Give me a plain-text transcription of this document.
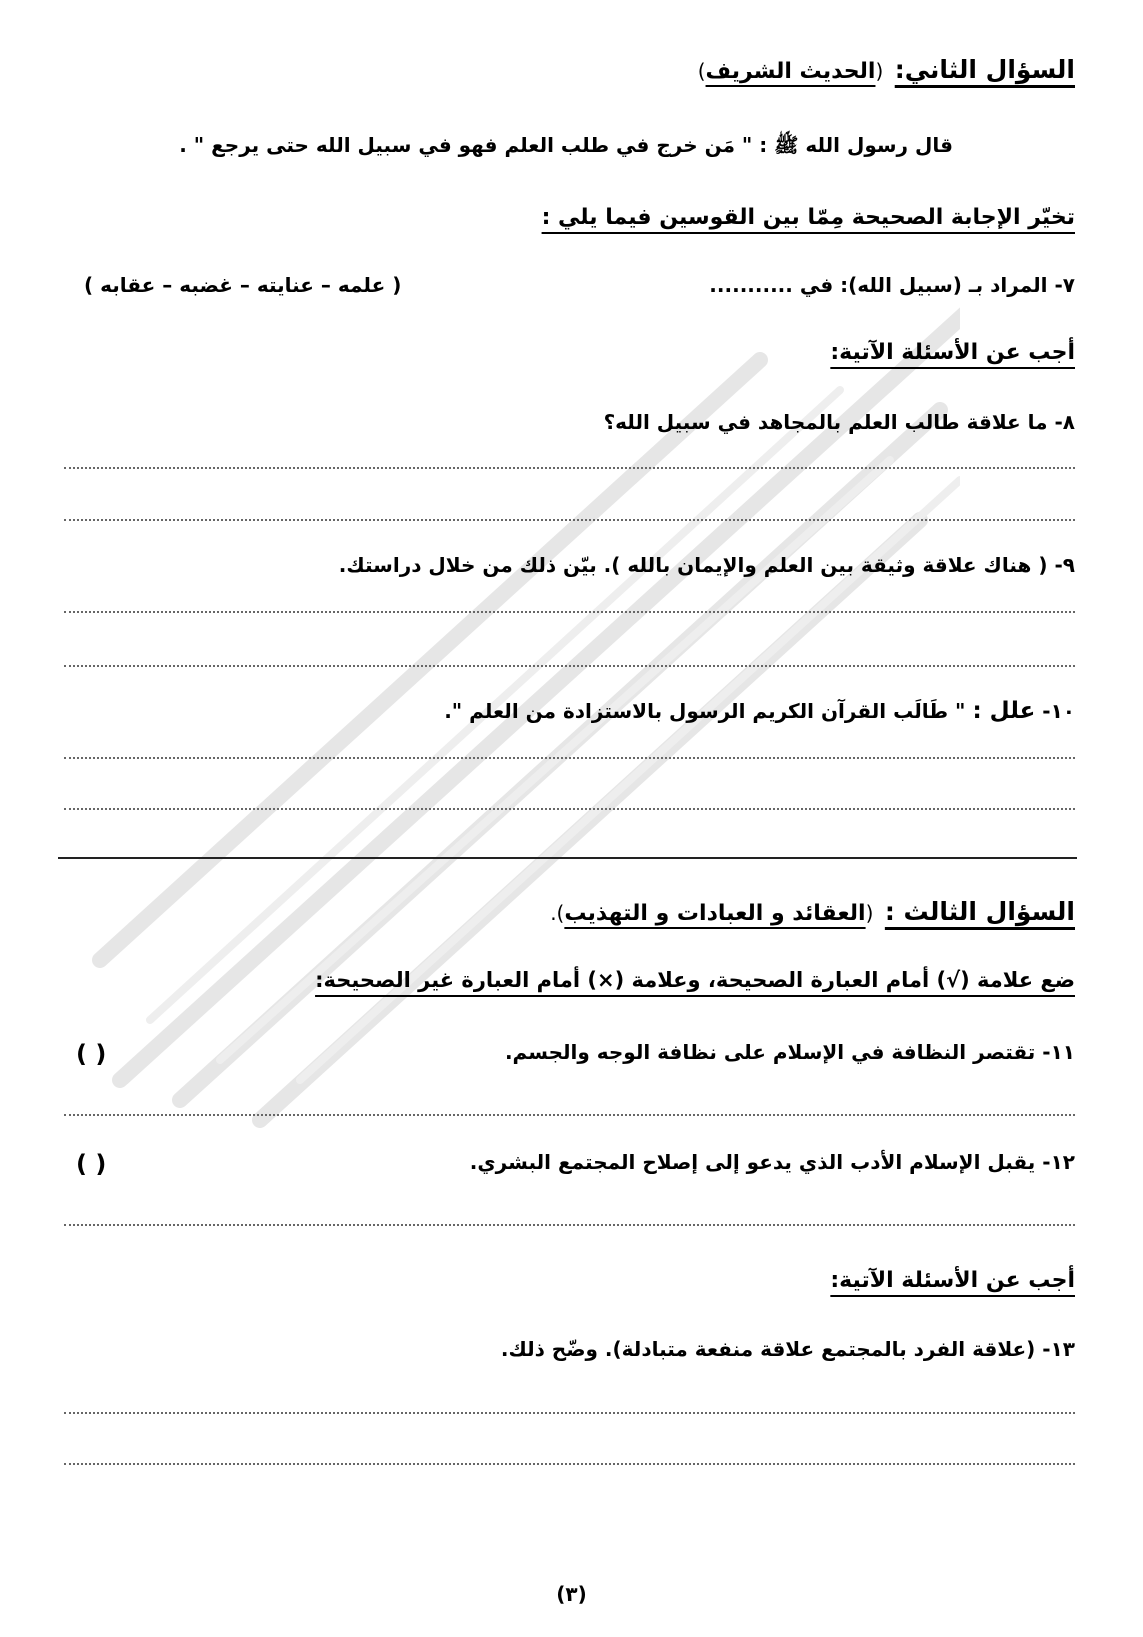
السؤال الثاني:  (الحديث الشريف)
قال رسول الله ﷺ : " مَن خرج في طلب العلم فهو في سبيل الله حتى يرجع " .
تخيّر الإجابة الصحيحة مِمّا بين القوسين فيما يلي :
٧- المراد بـ (سبيل الله): في ...........
( علمه – عنايته – غضبه – عقابه )
أجب عن الأسئلة الآتية:
٨- ما علاقة طالب العلم بالمجاهد في سبيل الله؟
٩- ( هناك علاقة وثيقة بين العلم والإيمان بالله ). بيّن ذلك من خلال دراستك.
١٠- علل : " طَالَب القرآن الكريم الرسول بالاستزادة من العلم ".
السؤال الثالث :  (العقائد و العبادات و التهذيب).
ضع علامة (√) أمام العبارة الصحيحة، وعلامة (×) أمام العبارة غير الصحيحة:
١١- تقتصر النظافة في الإسلام على نظافة الوجه والجسم.
( )
١٢- يقبل الإسلام الأدب الذي يدعو إلى إصلاح المجتمع البشري.
( )
أجب عن الأسئلة الآتية:
١٣- (علاقة الفرد بالمجتمع علاقة منفعة متبادلة). وضّح ذلك.
(٣)
